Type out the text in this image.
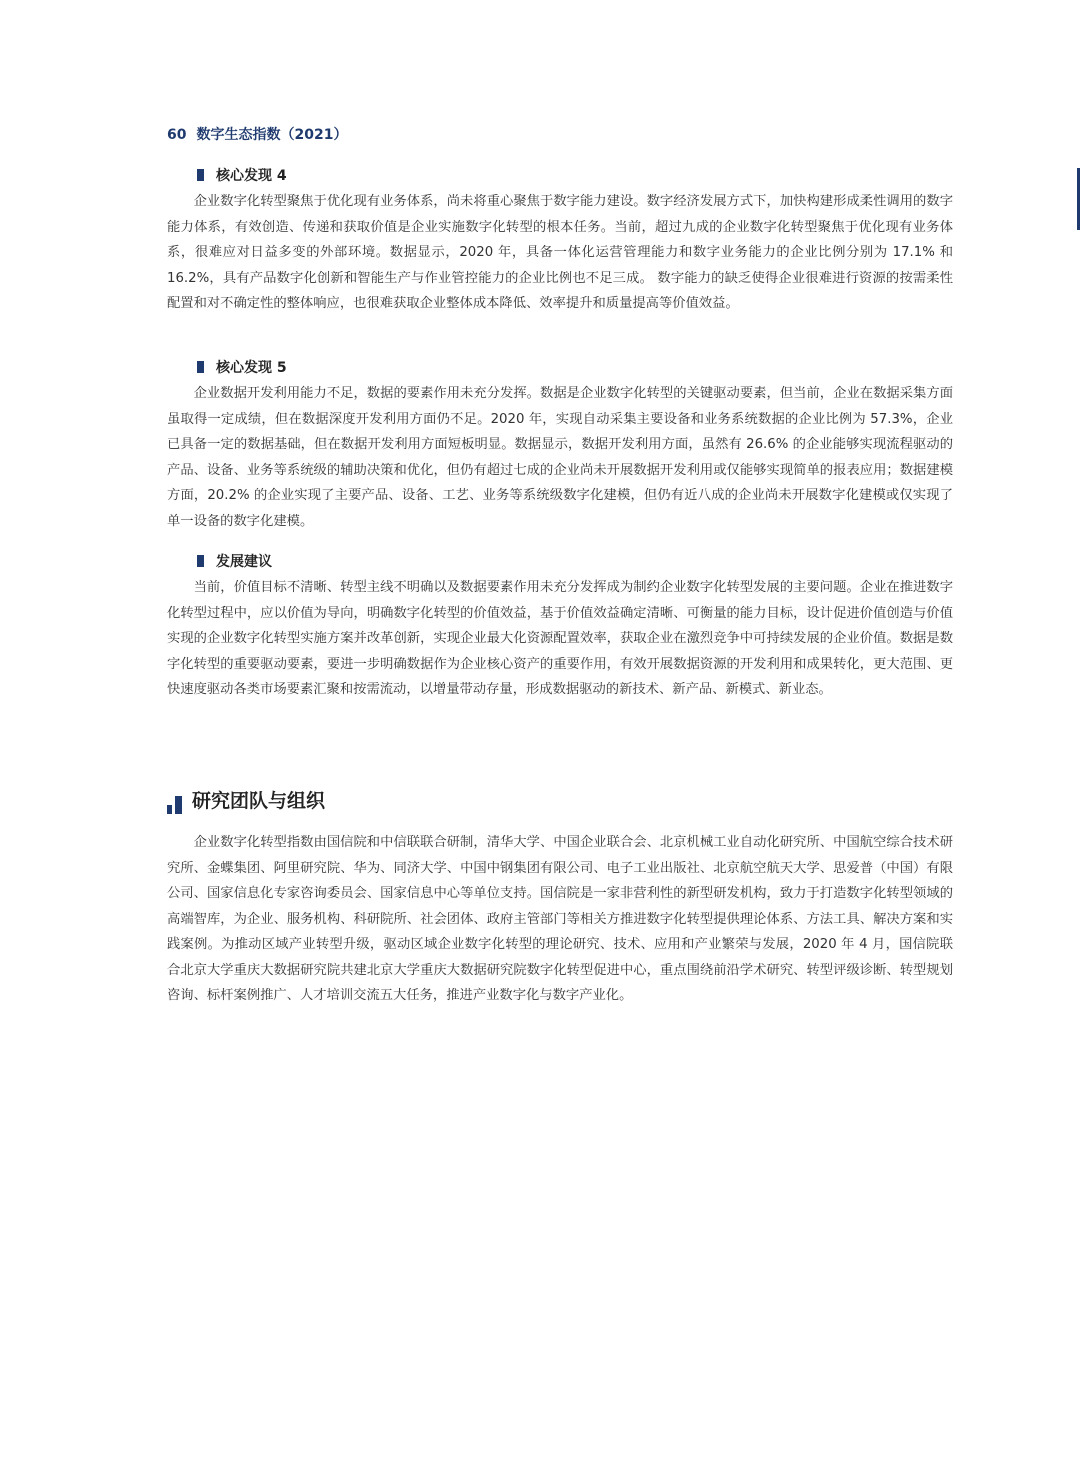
60 数字生态指数（2021）
核心发现 4

企业数字化转型聚焦于优化现有业务体系，尚未将重心聚焦于数字能力建设。数字经济发展方式下，加快构建形成柔性调用的数字能力体系，有效创造、传递和获取价值是企业实施数字化转型的根本任务。当前，超过九成的企业数字化转型聚焦于优化现有业务体系，很难应对日益多变的外部环境。数据显示，2020 年，具备一体化运营管理能力和数字业务能力的企业比例分别为 17.1% 和 16.2%，具有产品数字化创新和智能生产与作业管控能力的企业比例也不足三成。 数字能力的缺乏使得企业很难进行资源的按需柔性配置和对不确定性的整体响应，也很难获取企业整体成本降低、效率提升和质量提高等价值效益。

核心发现 5

企业数据开发利用能力不足，数据的要素作用未充分发挥。数据是企业数字化转型的关键驱动要素，但当前，企业在数据采集方面虽取得一定成绩，但在数据深度开发利用方面仍不足。2020 年，实现自动采集主要设备和业务系统数据的企业比例为 57.3%，企业已具备一定的数据基础，但在数据开发利用方面短板明显。数据显示，数据开发利用方面，虽然有 26.6% 的企业能够实现流程驱动的产品、设备、业务等系统级的辅助决策和优化，但仍有超过七成的企业尚未开展数据开发利用或仅能够实现简单的报表应用；数据建模方面，20.2% 的企业实现了主要产品、设备、工艺、业务等系统级数字化建模，但仍有近八成的企业尚未开展数字化建模或仅实现了单一设备的数字化建模。

发展建议

当前，价值目标不清晰、转型主线不明确以及数据要素作用未充分发挥成为制约企业数字化转型发展的主要问题。企业在推进数字化转型过程中，应以价值为导向，明确数字化转型的价值效益，基于价值效益确定清晰、可衡量的能力目标，设计促进价值创造与价值实现的企业数字化转型实施方案并改革创新，实现企业最大化资源配置效率，获取企业在激烈竞争中可持续发展的企业价值。数据是数字化转型的重要驱动要素，要进一步明确数据作为企业核心资产的重要作用，有效开展数据资源的开发利用和成果转化，更大范围、更快速度驱动各类市场要素汇聚和按需流动，以增量带动存量，形成数据驱动的新技术、新产品、新模式、新业态。

研究团队与组织

企业数字化转型指数由国信院和中信联联合研制，清华大学、中国企业联合会、北京机械工业自动化研究所、中国航空综合技术研究所、金蝶集团、阿里研究院、华为、同济大学、中国中钢集团有限公司、电子工业出版社、北京航空航天大学、思爱普（中国）有限公司、国家信息化专家咨询委员会、国家信息中心等单位支持。国信院是一家非营利性的新型研发机构，致力于打造数字化转型领域的高端智库，为企业、服务机构、科研院所、社会团体、政府主管部门等相关方推进数字化转型提供理论体系、方法工具、解决方案和实践案例。为推动区域产业转型升级，驱动区域企业数字化转型的理论研究、技术、应用和产业繁荣与发展，2020 年 4 月，国信院联合北京大学重庆大数据研究院共建北京大学重庆大数据研究院数字化转型促进中心，重点围绕前沿学术研究、转型评级诊断、转型规划咨询、标杆案例推广、人才培训交流五大任务，推进产业数字化与数字产业化。
